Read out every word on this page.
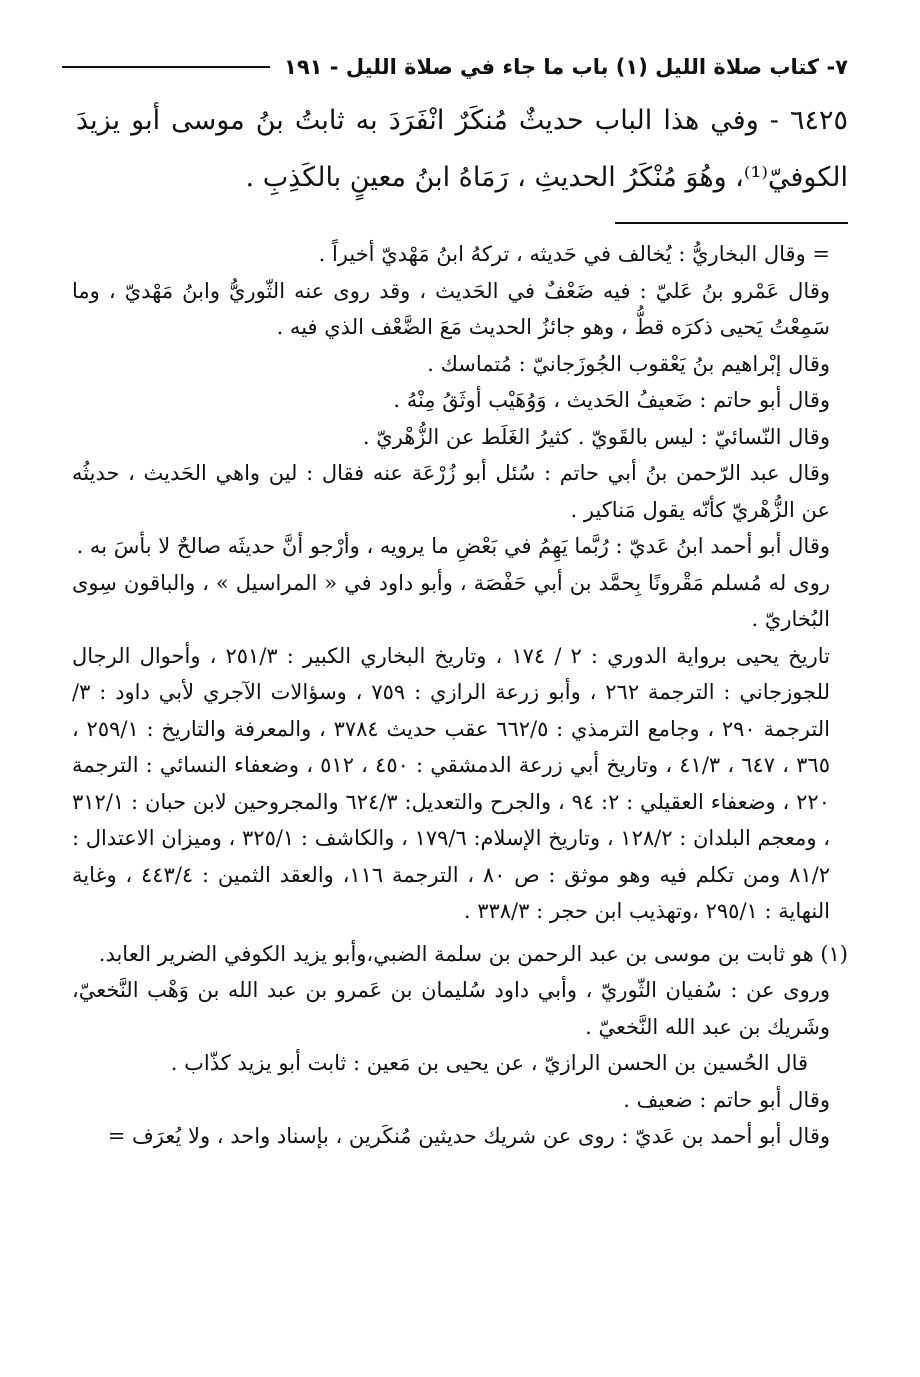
٧- كتاب صلاة الليل (١) باب ما جاء في صلاة الليل - ١٩١

٦٤٢٥ - وفي هذا الباب حديثٌ مُنكَرٌ انْفَرَدَ به ثابتُ بنُ موسى أبو يزيدَ الكوفيّ⁽¹⁾، وهُوَ مُنْكَرُ الحديثِ ، رَمَاهُ ابنُ معينٍ بالكَذِبِ .

= وقال البخاريُّ : يُخالف في حَديثه ، تركهُ ابنُ مَهْديّ أخيراً .

وقال عَمْرو بنُ عَليّ : فيه ضَعْفٌ في الحَديث ، وقد روى عنه الثّوريُّ وابنُ مَهْديّ ، وما سَمِعْتُ يَحيى ذكرَه قطُّ ، وهو جائزُ الحديث مَعَ الضَّعْف الذي فيه .

وقال إبْراهيم بنُ يَعْقوب الجُوزَجانيّ : مُتماسك .

وقال أبو حاتم : ضَعيفُ الحَديث ، وَوُهَيْب أوثَقُ مِنْهُ .

وقال النّسائيّ : ليس بالقَويّ . كثيرُ الغَلَط عن الزُّهْريّ .

وقال عبد الرّحمن بنُ أبي حاتم : سُئل أبو زُرْعَة عنه فقال : لين واهي الحَديث ، حديثُه عن الزُّهْريّ كأنّه يقول مَناكير .

وقال أبو أحمد ابنُ عَديّ : رُبَّما يَهِمُ في بَعْضِ ما يرويه ، وأرْجو أنَّ حديثَه صالحٌ لا بأسَ به .

روى له مُسلم مَقْرونًا بِحمَّد بن أبي حَفْصَة ، وأبو داود في « المراسيل » ، والباقون سِوى البُخاريّ .

تاريخ يحيى برواية الدوري : ٢ / ١٧٤ ، وتاريخ البخاري الكبير : ٢٥١/٣ ، وأحوال الرجال للجوزجاني : الترجمة ٢٦٢ ، وأبو زرعة الرازي : ٧٥٩ ، وسؤالات الآجري لأبي داود : ٣/الترجمة ٢٩٠ ، وجامع الترمذي : ٦٦٢/٥ عقب حديث ٣٧٨٤ ، والمعرفة والتاريخ : ٢٥٩/١ ، ٣٦٥ ، ٦٤٧ ، ٤١/٣ ، وتاريخ أبي زرعة الدمشقي : ٤٥٠ ، ٥١٢ ، وضعفاء النسائي : الترجمة ٢٢٠ ، وضعفاء العقيلي : ٢: ٩٤ ، والجرح والتعديل: ٦٢٤/٣ والمجروحين لابن حبان : ٣١٢/١ ، ومعجم البلدان : ١٢٨/٢ ، وتاريخ الإسلام: ١٧٩/٦ ، والكاشف : ٣٢٥/١ ، وميزان الاعتدال : ٨١/٢ ومن تكلم فيه وهو موثق : ص ٨٠ ، الترجمة ١١٦، والعقد الثمين : ٤٤٣/٤ ، وغاية النهاية : ٢٩٥/١ ،وتهذيب ابن حجر : ٣٣٨/٣ .

(١) هو ثابت بن موسى بن عبد الرحمن بن سلمة الضبي،وأبو يزيد الكوفي الضرير العابد.

وروى عن : سُفيان الثّوريّ ، وأبي داود سُليمان بن عَمرو بن عبد الله بن وَهْب النَّخعيّ، وشَريك بن عبد الله النَّخعيّ .

قال الحُسين بن الحسن الرازيّ ، عن يحيى بن مَعين : ثابت أبو يزيد كذّاب .

وقال أبو حاتم : ضعيف .

وقال أبو أحمد بن عَديّ : روى عن شريك حديثين مُنكَرين ، بإسناد واحد ، ولا يُعرَف =
